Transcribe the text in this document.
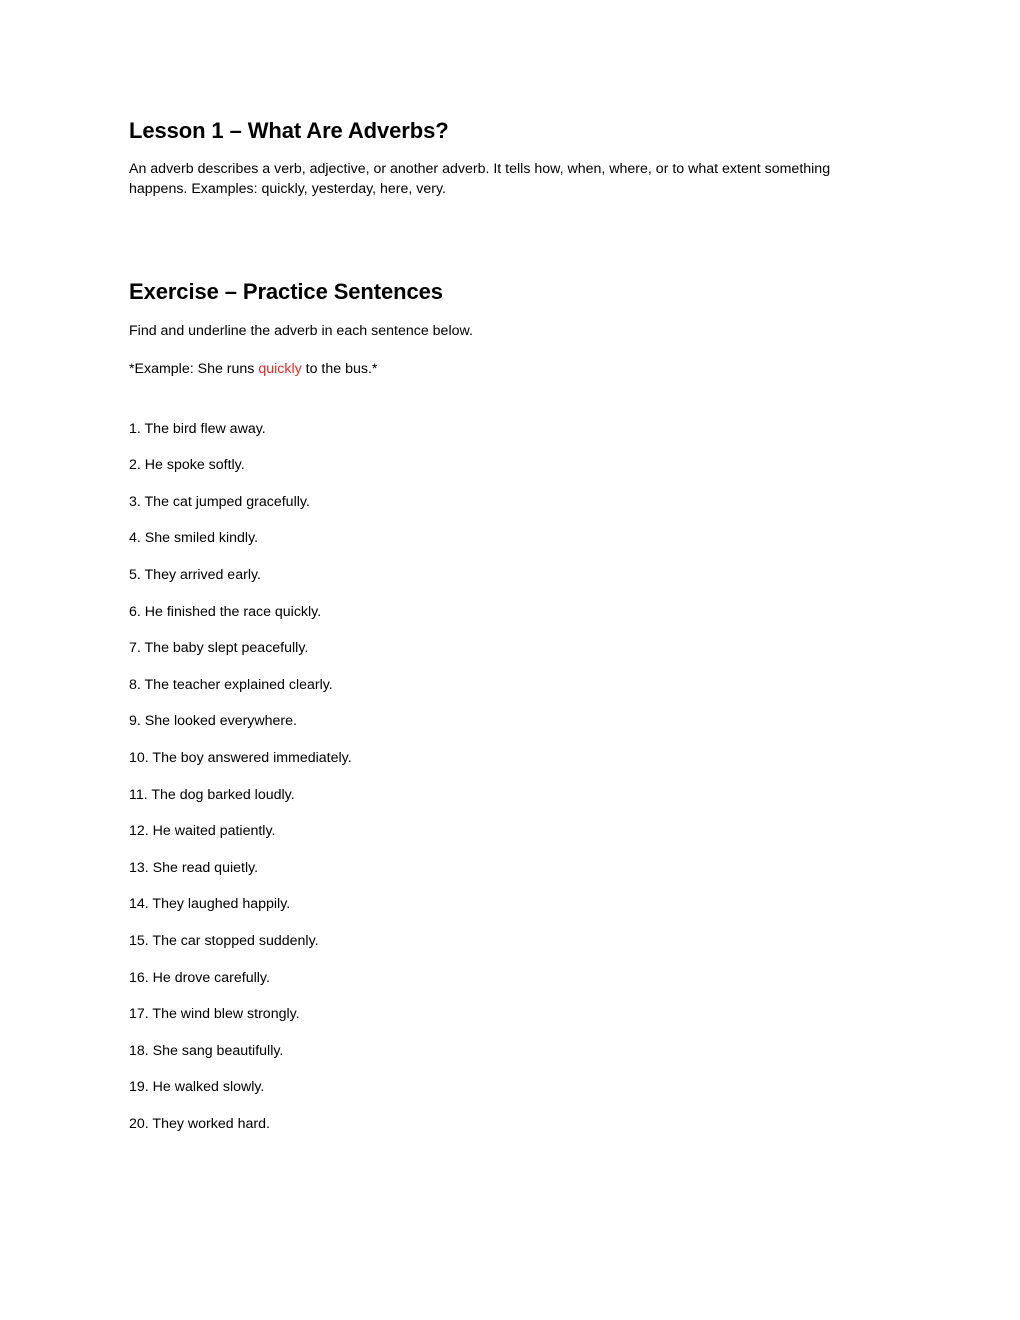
Lesson 1 – What Are Adverbs?

An adverb describes a verb, adjective, or another adverb. It tells how, when, where, or to what extent something happens. Examples: quickly, yesterday, here, very.

Exercise – Practice Sentences

Find and underline the adverb in each sentence below.

*Example: She runs quickly to the bus.*

1. The bird flew away.

2. He spoke softly.

3. The cat jumped gracefully.

4. She smiled kindly.

5. They arrived early.

6. He finished the race quickly.

7. The baby slept peacefully.

8. The teacher explained clearly.

9. She looked everywhere.

10. The boy answered immediately.

11. The dog barked loudly.

12. He waited patiently.

13. She read quietly.

14. They laughed happily.

15. The car stopped suddenly.

16. He drove carefully.

17. The wind blew strongly.

18. She sang beautifully.

19. He walked slowly.

20. They worked hard.
